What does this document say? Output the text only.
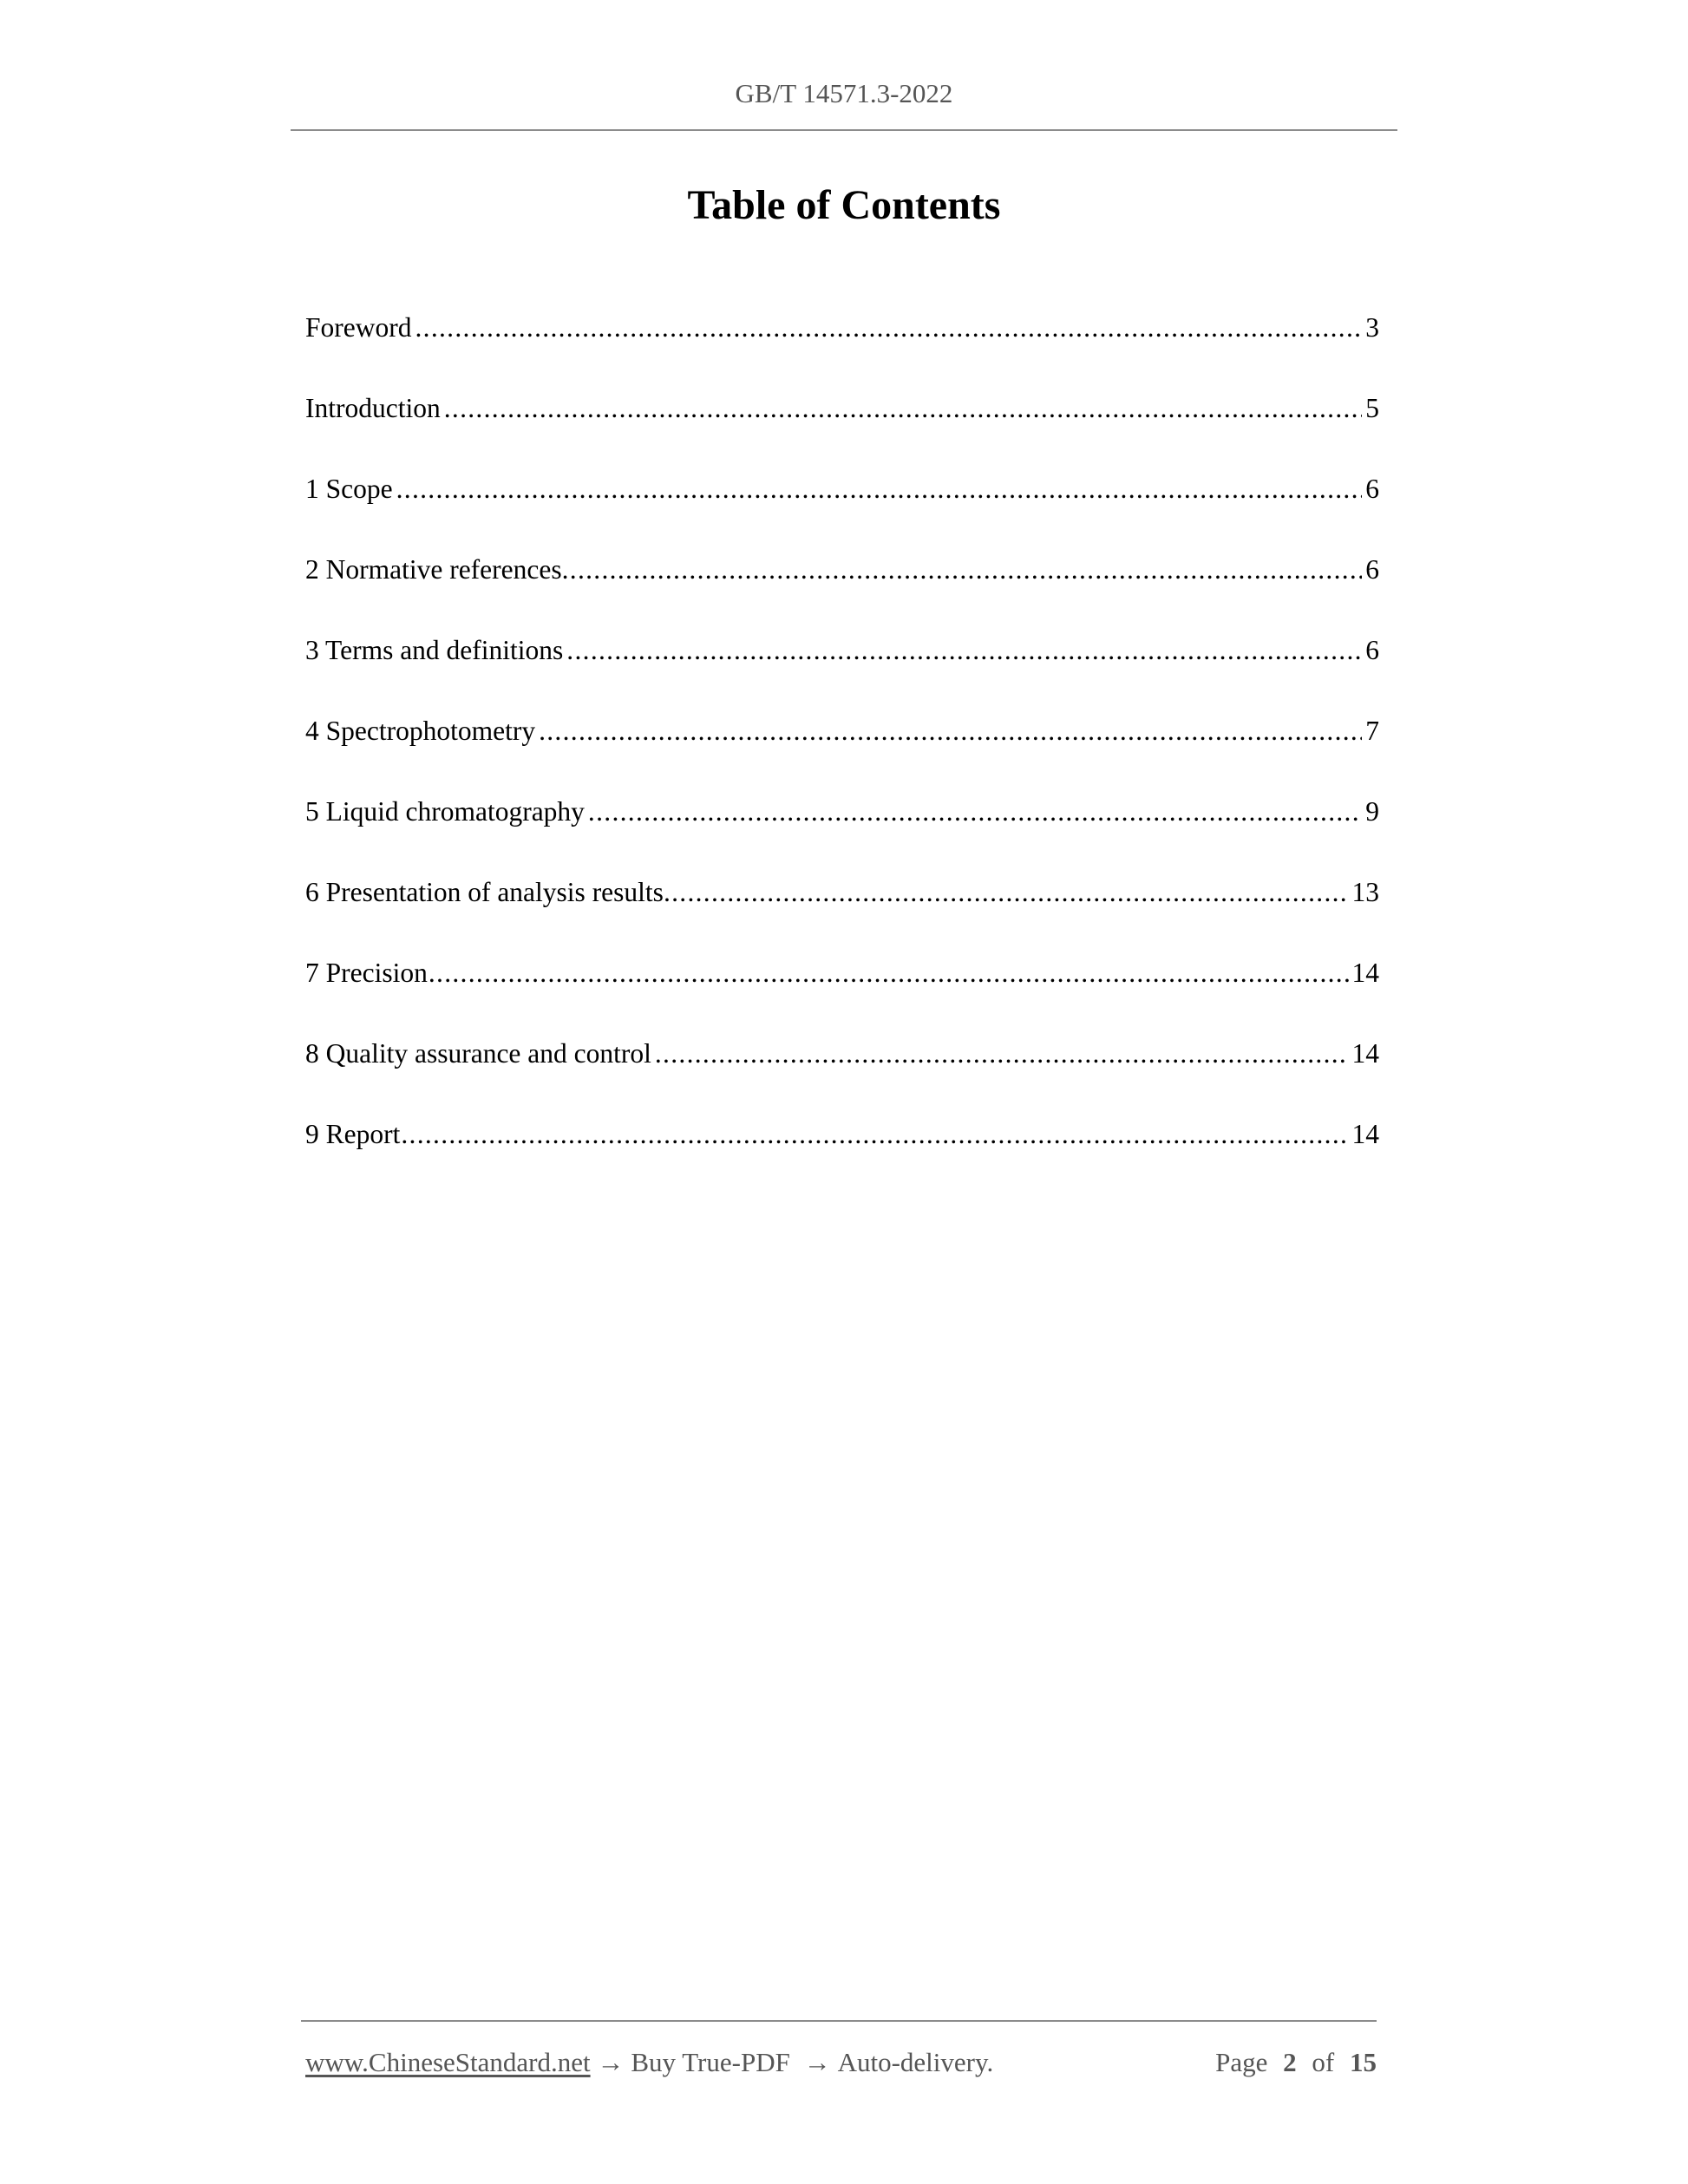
GB/T 14571.3-2022
Table of Contents
Foreword .....	3
Introduction .....	5
1 Scope .....	6
2 Normative references .....	6
3 Terms and definitions .....	6
4 Spectrophotometry .....	7
5 Liquid chromatography .....	9
6 Presentation of analysis results .....	13
7 Precision .....	14
8 Quality assurance and control .....	14
9 Report .....	14
www.ChineseStandard.net → Buy True-PDF → Auto-delivery.	Page 2 of 15
